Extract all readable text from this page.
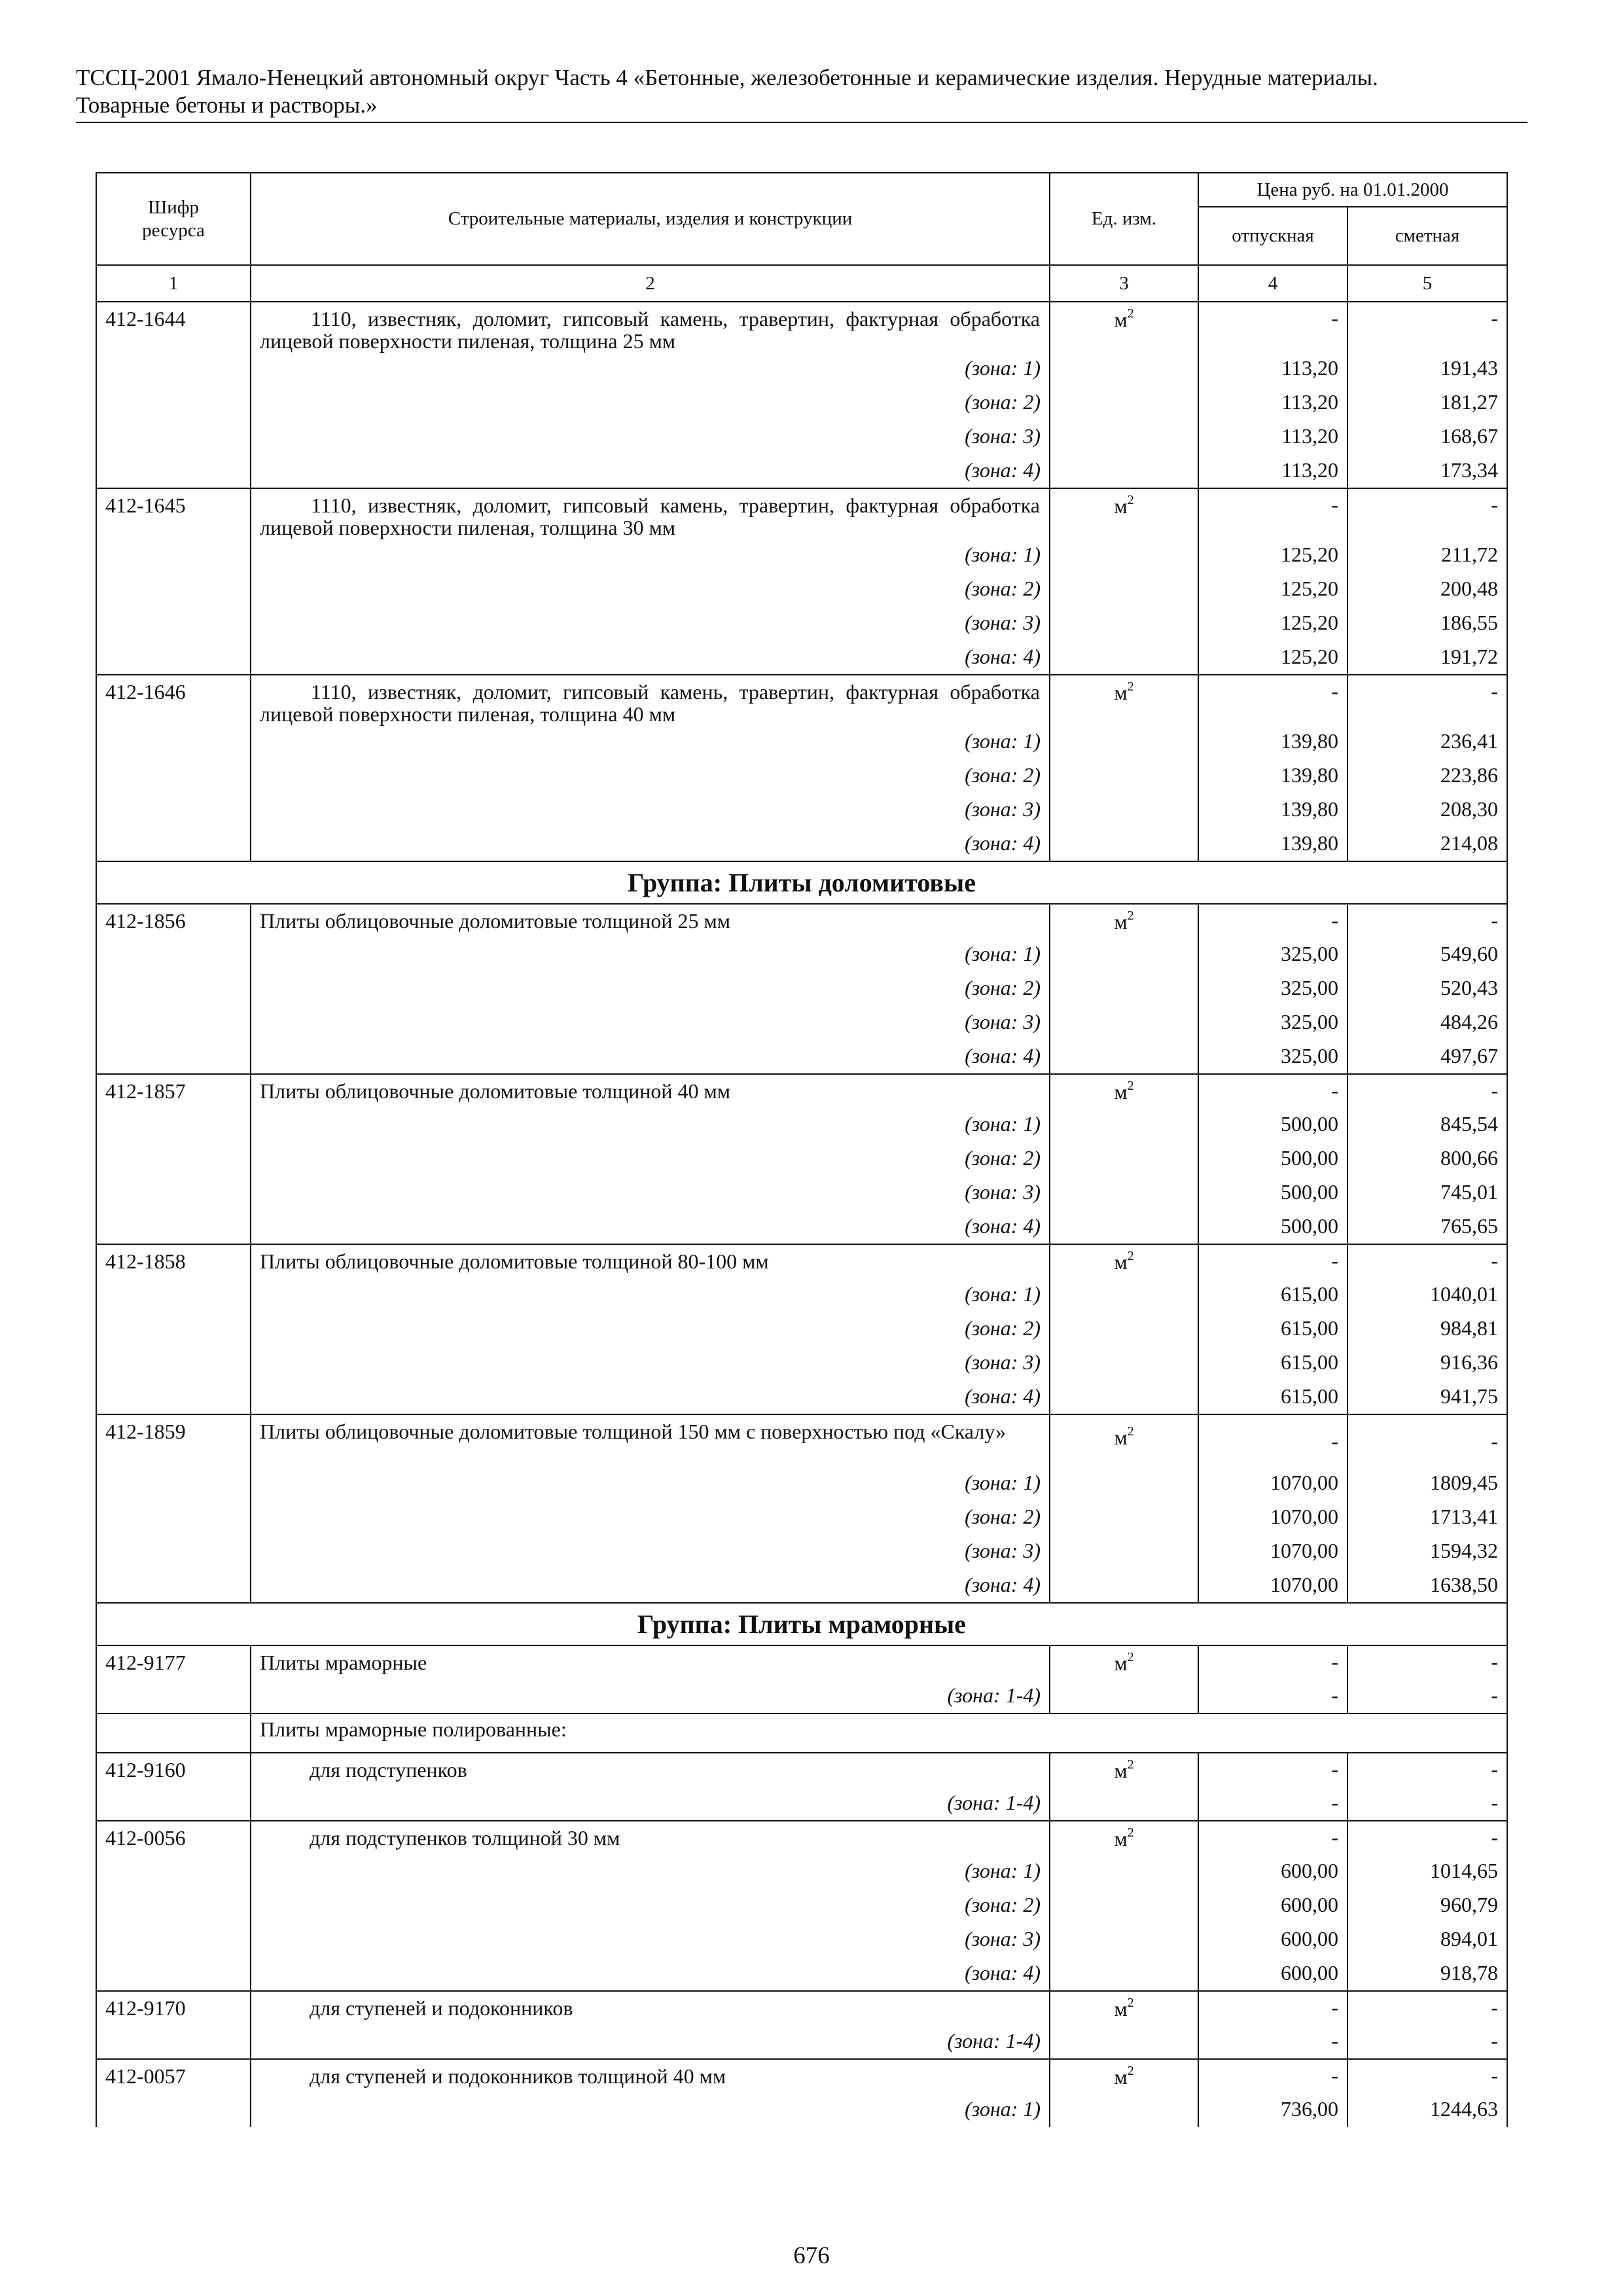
ТССЦ-2001 Ямало-Ненецкий автономный округ Часть 4 «Бетонные, железобетонные и керамические изделия. Нерудные материалы.
Товарные бетоны и растворы.»
Шифр ресурса	Строительные материалы, изделия и конструкции	Ед. изм.	Цена руб. на 01.01.2000	
			отпускная	сметная
1	2	3	4	5
412-1644	1110, известняк, доломит, гипсовый камень, травертин, фактурная обработка лицевой поверхности пиленая, толщина 25 мм	$м^2$	-	-
	(зона: 1)		113,20	191,43
	(зона: 2)		113,20	181,27
	(зона: 3)		113,20	168,67
	(зона: 4)		113,20	173,34
412-1645	1110, известняк, доломит, гипсовый камень, травертин, фактурная обработка лицевой поверхности пиленая, толщина 30 мм	$м^2$	-	-
	(зона: 1)		125,20	211,72
	(зона: 2)		125,20	200,48
	(зона: 3)		125,20	186,55
	(зона: 4)		125,20	191,72
412-1646	1110, известняк, доломит, гипсовый камень, травертин, фактурная обработка лицевой поверхности пиленая, толщина 40 мм	$м^2$	-	-
	(зона: 1)		139,80	236,41
	(зона: 2)		139,80	223,86
	(зона: 3)		139,80	208,30
	(зона: 4)		139,80	214,08
Группа: Плиты доломитовые				
412-1856	Плиты облицовочные доломитовые толщиной 25 мм	$м^2$	-	-
	(зона: 1)		325,00	549,60
	(зона: 2)		325,00	520,43
	(зона: 3)		325,00	484,26
	(зона: 4)		325,00	497,67
412-1857	Плиты облицовочные доломитовые толщиной 40 мм	$м^2$	-	-
	(зона: 1)		500,00	845,54
	(зона: 2)		500,00	800,66
	(зона: 3)		500,00	745,01
	(зона: 4)		500,00	765,65
412-1858	Плиты облицовочные доломитовые толщиной 80-100 мм	$м^2$	-	-
	(зона: 1)		615,00	1040,01
	(зона: 2)		615,00	984,81
	(зона: 3)		615,00	916,36
	(зона: 4)		615,00	941,75
412-1859	Плиты облицовочные доломитовые толщиной 150 мм с поверхностью под «Скалу»	$м^2$	-	-
	(зона: 1)		1070,00	1809,45
	(зона: 2)		1070,00	1713,41
	(зона: 3)		1070,00	1594,32
	(зона: 4)		1070,00	1638,50
Группа: Плиты мраморные				
412-9177	Плиты мраморные	$м^2$	-	-
	(зона: 1-4)		-	-
	Плиты мраморные полированные:			
412-9160	для подступенков	$м^2$	-	-
	(зона: 1-4)		-	-
412-0056	для подступенков толщиной 30 мм	$м^2$	-	-
	(зона: 1)		600,00	1014,65
	(зона: 2)		600,00	960,79
	(зона: 3)		600,00	894,01
	(зона: 4)		600,00	918,78
412-9170	для ступеней и подоконников	$м^2$	-	-
	(зона: 1-4)		-	-
412-0057	для ступеней и подоконников толщиной 40 мм	$м^2$	-	-
	(зона: 1)		736,00	1244,63
676
